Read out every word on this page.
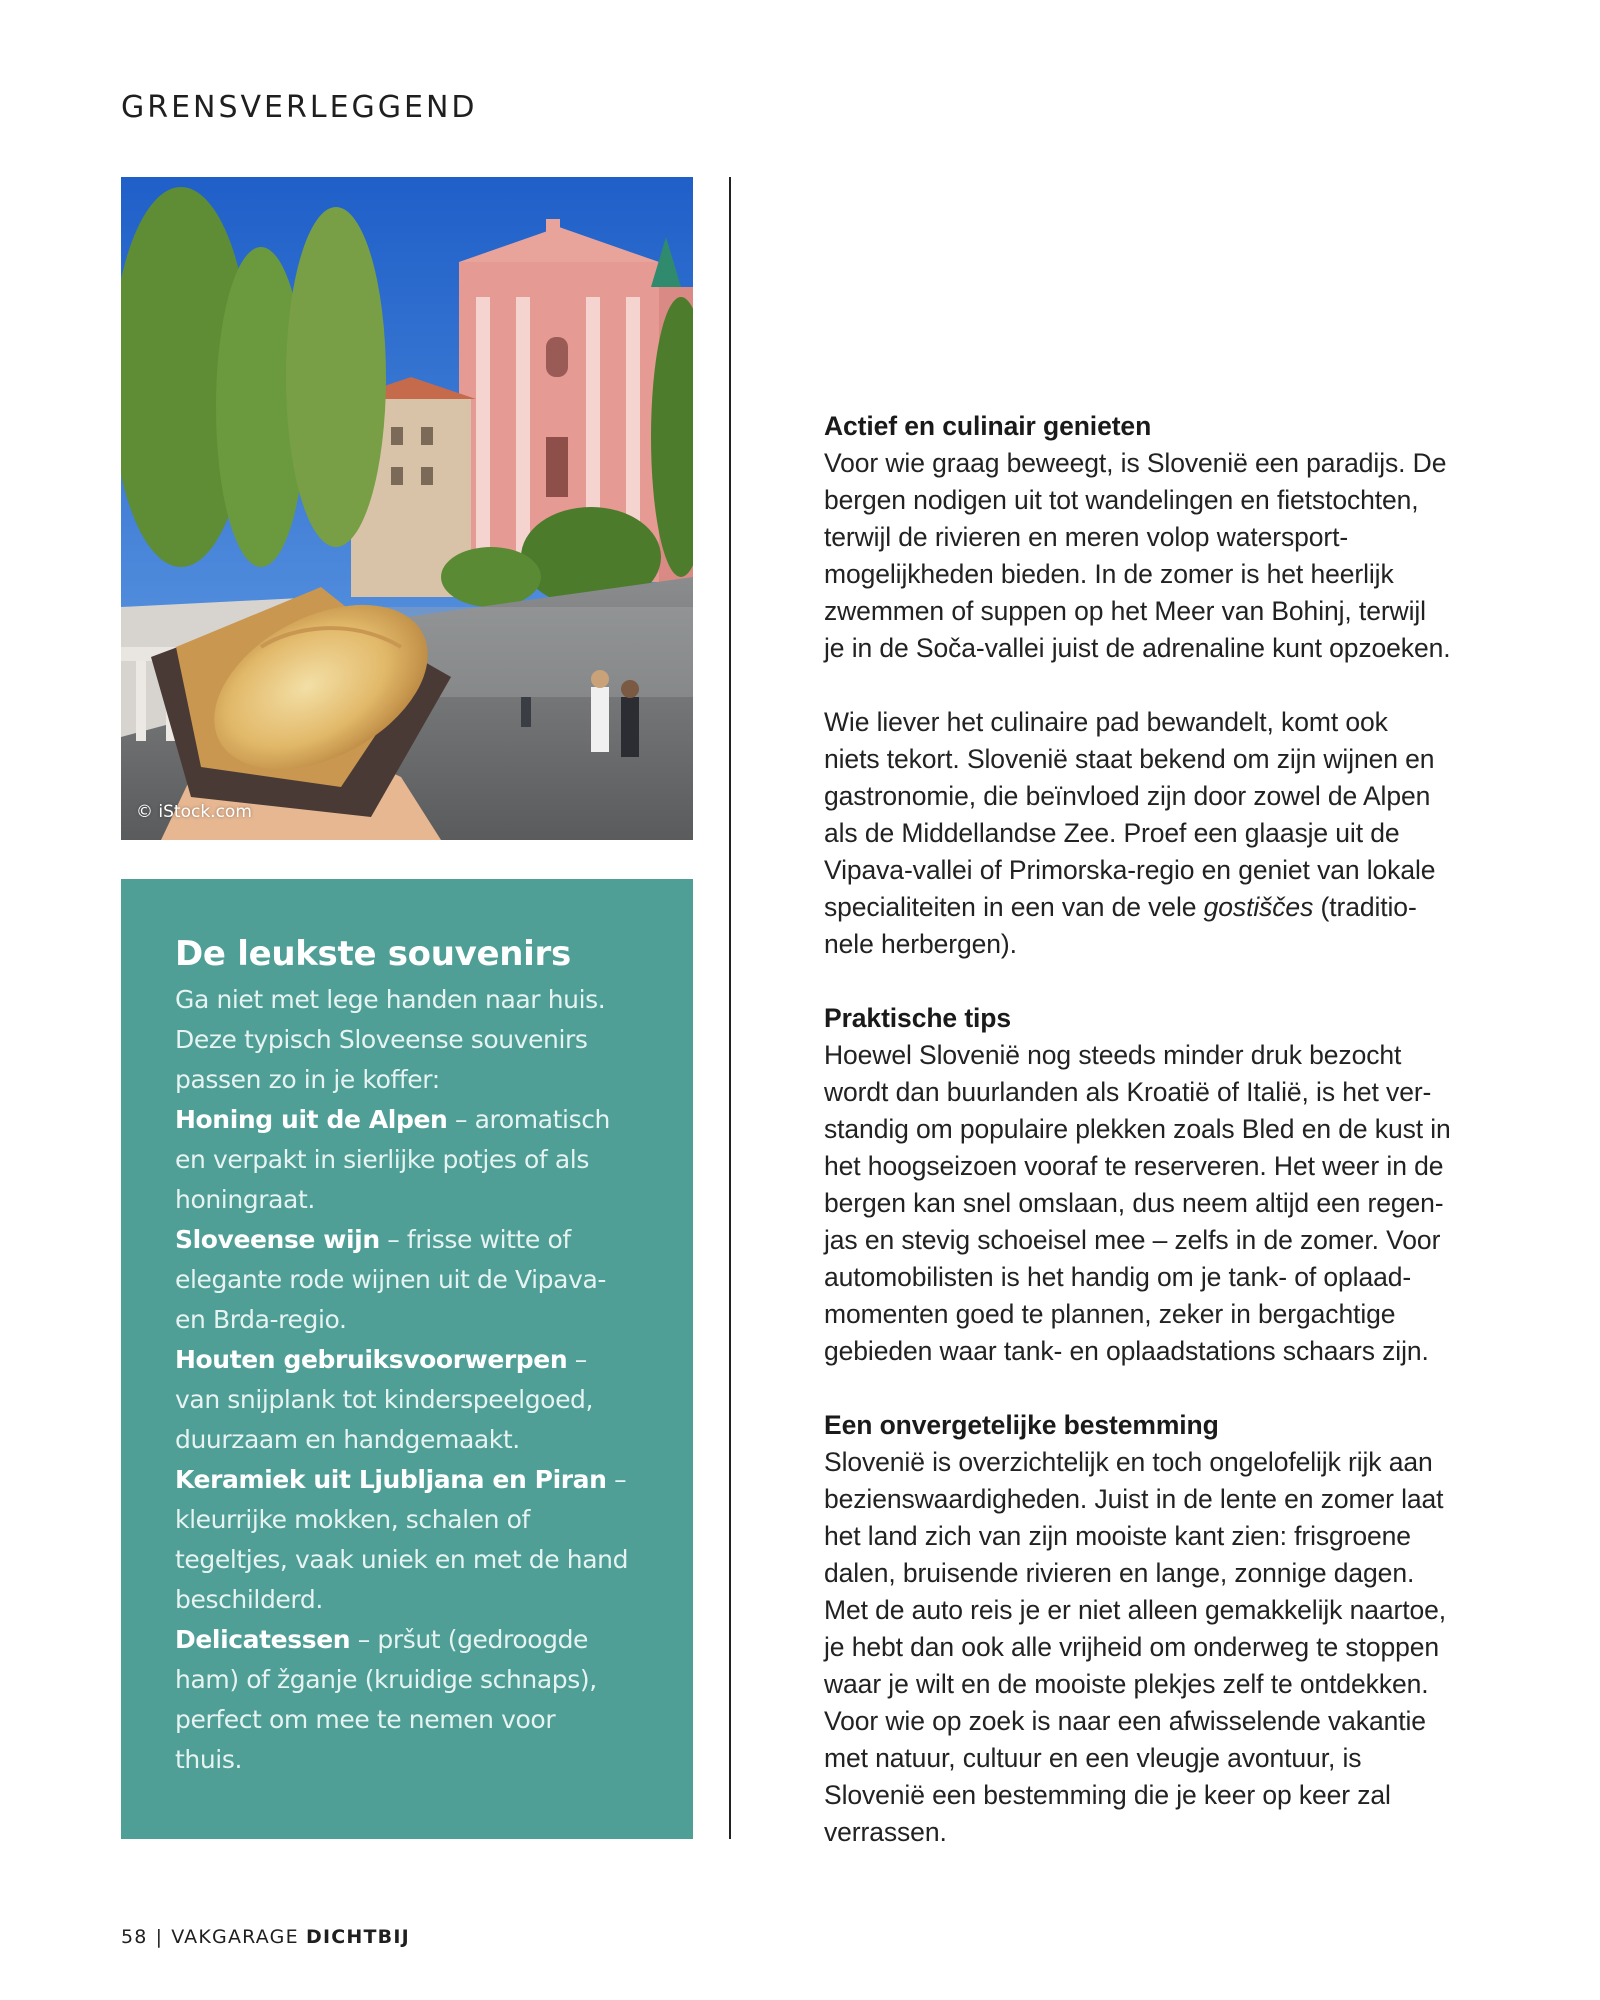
GRENSVERLEGGEND
© iStock.com
De leukste souvenirs
Ga niet met lege handen naar huis.
Deze typisch Sloveense souvenirs
passen zo in je koffer:
Honing uit de Alpen – aromatisch
en verpakt in sierlijke potjes of als
honingraat.
Sloveense wijn – frisse witte of
elegante rode wijnen uit de Vipava-
en Brda-regio.
Houten gebruiksvoorwerpen –
van snijplank tot kinderspeelgoed,
duurzaam en handgemaakt.
Keramiek uit Ljubljana en Piran –
kleurrijke mokken, schalen of
tegeltjes, vaak uniek en met de hand
beschilderd.
Delicatessen – pršut (gedroogde
ham) of žganje (kruidige schnaps),
perfect om mee te nemen voor
thuis.
Actief en culinair genieten

Voor wie graag beweegt, is Slovenië een paradijs. De
bergen nodigen uit tot wandelingen en fietstochten,
terwijl de rivieren en meren volop watersport-
mogelijkheden bieden. In de zomer is het heerlijk
zwemmen of suppen op het Meer van Bohinj, terwijl
je in de Soča-vallei juist de adrenaline kunt opzoeken.

Wie liever het culinaire pad bewandelt, komt ook
niets tekort. Slovenië staat bekend om zijn wijnen en
gastronomie, die beïnvloed zijn door zowel de Alpen
als de Middellandse Zee. Proef een glaasje uit de
Vipava-vallei of Primorska-regio en geniet van lokale
specialiteiten in een van de vele gostiščes (traditio-
nele herbergen).

Praktische tips

Hoewel Slovenië nog steeds minder druk bezocht
wordt dan buurlanden als Kroatië of Italië, is het ver-
standig om populaire plekken zoals Bled en de kust in
het hoogseizoen vooraf te reserveren. Het weer in de
bergen kan snel omslaan, dus neem altijd een regen-
jas en stevig schoeisel mee – zelfs in de zomer. Voor
automobilisten is het handig om je tank- of oplaad-
momenten goed te plannen, zeker in bergachtige
gebieden waar tank- en oplaadstations schaars zijn.

Een onvergetelijke bestemming

Slovenië is overzichtelijk en toch ongelofelijk rijk aan
bezienswaardigheden. Juist in de lente en zomer laat
het land zich van zijn mooiste kant zien: frisgroene
dalen, bruisende rivieren en lange, zonnige dagen.
Met de auto reis je er niet alleen gemakkelijk naartoe,
je hebt dan ook alle vrijheid om onderweg te stoppen
waar je wilt en de mooiste plekjes zelf te ontdekken.
Voor wie op zoek is naar een afwisselende vakantie
met natuur, cultuur en een vleugje avontuur, is
Slovenië een bestemming die je keer op keer zal
verrassen.

58 | VAKGARAGE DICHTBIJ
